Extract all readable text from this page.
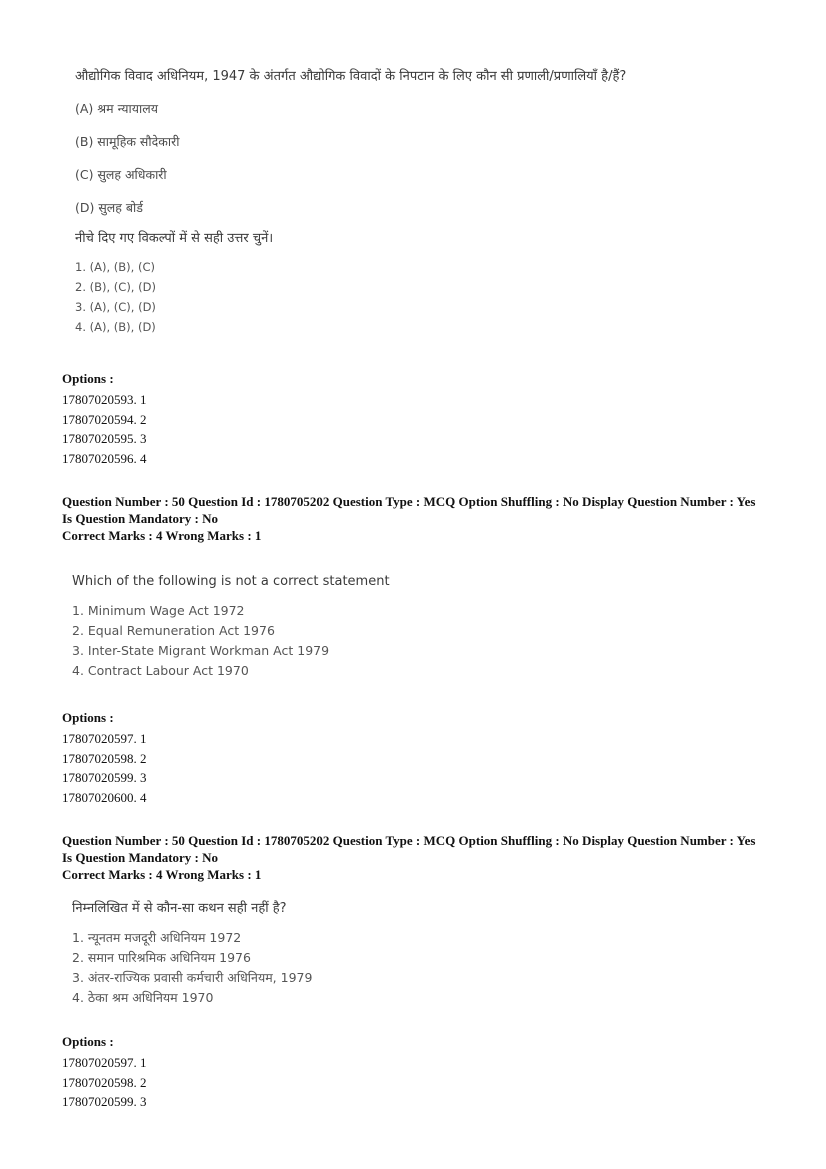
औद्योगिक विवाद अधिनियम, 1947 के अंतर्गत औद्योगिक विवादों के निपटान के लिए कौन सी प्रणाली/प्रणालियाँ है/हैं?
(A) श्रम न्यायालय
(B) सामूहिक सौदेकारी
(C) सुलह अधिकारी
(D) सुलह बोर्ड
नीचे दिए गए विकल्पों में से सही उत्तर चुनें।
1. (A), (B), (C)
2. (B), (C), (D)
3. (A), (C), (D)
4. (A), (B), (D)
Options :
17807020593. 1
17807020594. 2
17807020595. 3
17807020596. 4
Question Number : 50 Question Id : 1780705202 Question Type : MCQ Option Shuffling : No Display Question Number : Yes
Is Question Mandatory : No
Correct Marks : 4 Wrong Marks : 1
Which of the following is not a correct statement
1. Minimum Wage Act 1972
2. Equal Remuneration Act 1976
3. Inter-State Migrant Workman Act 1979
4. Contract Labour Act 1970
Options :
17807020597. 1
17807020598. 2
17807020599. 3
17807020600. 4
Question Number : 50 Question Id : 1780705202 Question Type : MCQ Option Shuffling : No Display Question Number : Yes
Is Question Mandatory : No
Correct Marks : 4 Wrong Marks : 1
निम्नलिखित में से कौन-सा कथन सही नहीं है?
1. न्यूनतम मजदूरी अधिनियम 1972
2. समान पारिश्रमिक अधिनियम 1976
3. अंतर-राज्यिक प्रवासी कर्मचारी अधिनियम, 1979
4. ठेका श्रम अधिनियम 1970
Options :
17807020597. 1
17807020598. 2
17807020599. 3
